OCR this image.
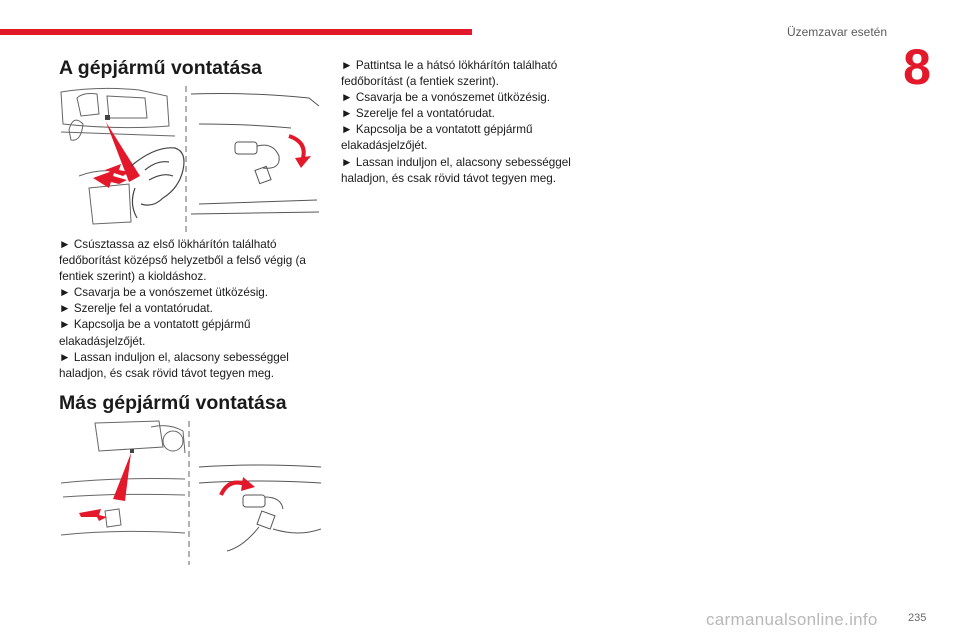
Üzemzavar esetén
8
A gépjármű vontatása

► Csúsztassa az első lökhárítón található

fedőborítást középső helyzetből a felső végig (a

fentiek szerint) a kioldáshoz.

► Csavarja be a vonószemet ütközésig.

► Szerelje fel a vontatórudat.

► Kapcsolja be a vontatott gépjármű

elakadásjelzőjét.

► Lassan induljon el, alacsony sebességgel

haladjon, és csak rövid távot tegyen meg.

Más gépjármű vontatása

► Pattintsa le a hátsó lökhárítón található

fedőborítást (a fentiek szerint).

► Csavarja be a vonószemet ütközésig.

► Szerelje fel a vontatórudat.

► Kapcsolja be a vontatott gépjármű

elakadásjelzőjét.

► Lassan induljon el, alacsony sebességgel

haladjon, és csak rövid távot tegyen meg.

carmanualsonline.info	235
